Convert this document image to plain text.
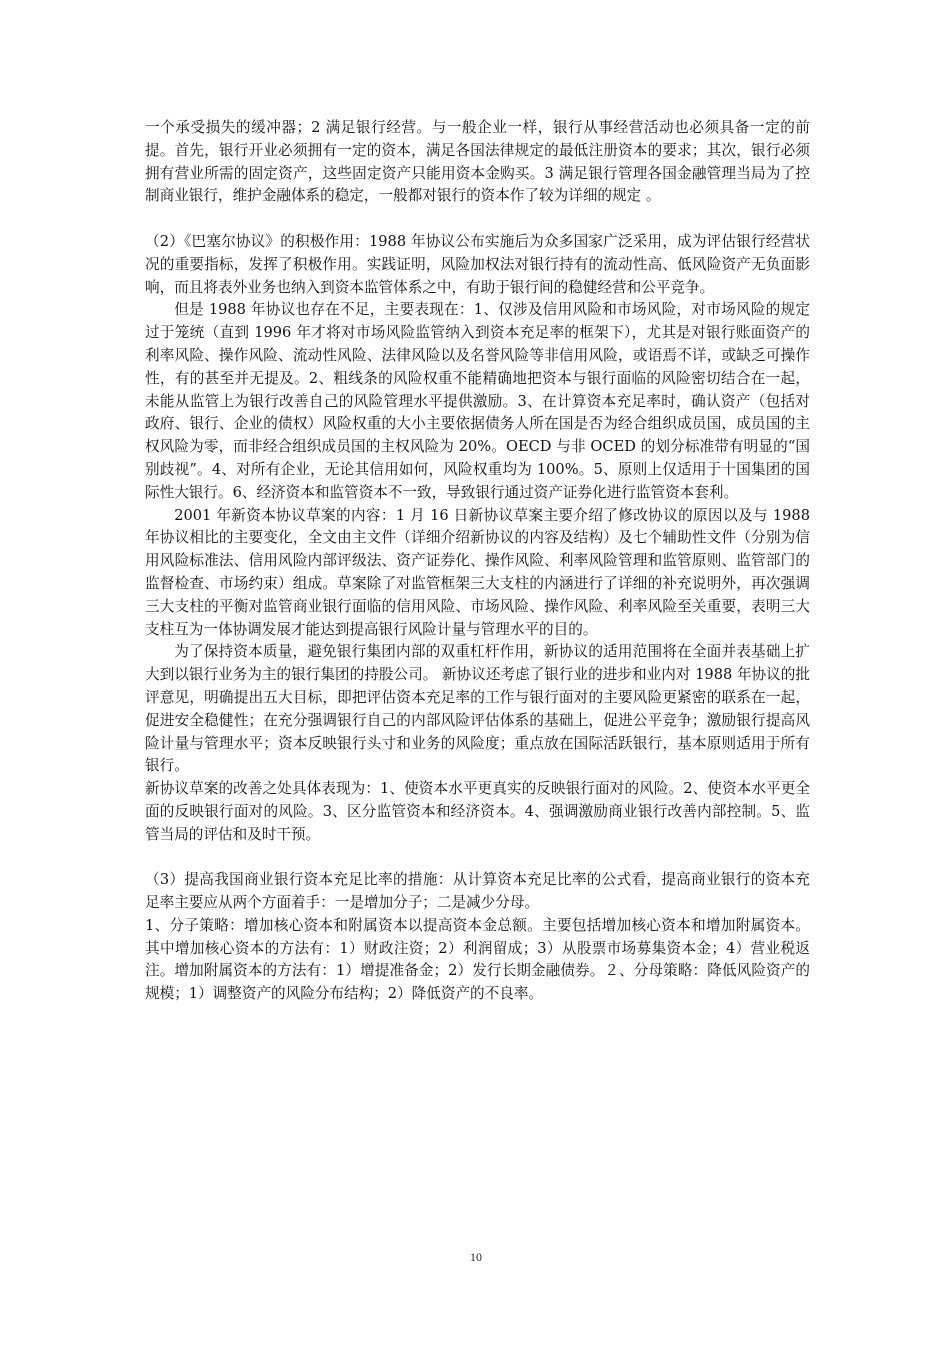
一个承受损失的缓冲器；2 满足银行经营。与一般企业一样，银行从事经营活动也必须具备一定的前提。首先，银行开业必须拥有一定的资本，满足各国法律规定的最低注册资本的要求；其次，银行必须拥有营业所需的固定资产，这些固定资产只能用资本金购买。3 满足银行管理各国金融管理当局为了控制商业银行，维护金融体系的稳定，一般都对银行的资本作了较为详细的规定 。

（2）《巴塞尔协议》的积极作用：1988 年协议公布实施后为众多国家广泛采用，成为评估银行经营状况的重要指标，发挥了积极作用。实践证明，风险加权法对银行持有的流动性高、低风险资产无负面影响，而且将表外业务也纳入到资本监管体系之中，有助于银行间的稳健经营和公平竞争。

但是 1988 年协议也存在不足，主要表现在：1、仅涉及信用风险和市场风险，对市场风险的规定过于笼统（直到 1996 年才将对市场风险监管纳入到资本充足率的框架下），尤其是对银行账面资产的利率风险、操作风险、流动性风险、法律风险以及名誉风险等非信用风险，或语焉不详，或缺乏可操作性，有的甚至并无提及。2、粗线条的风险权重不能精确地把资本与银行面临的风险密切结合在一起，未能从监管上为银行改善自己的风险管理水平提供激励。3、在计算资本充足率时，确认资产（包括对政府、银行、企业的债权）风险权重的大小主要依据债务人所在国是否为经合组织成员国，成员国的主权风险为零，而非经合组织成员国的主权风险为 20%。OECD 与非 OCED 的划分标准带有明显的“国别歧视”。4、对所有企业，无论其信用如何，风险权重均为 100%。5、原则上仅适用于十国集团的国际性大银行。6、经济资本和监管资本不一致，导致银行通过资产证券化进行监管资本套利。

2001 年新资本协议草案的内容：1 月 16 日新协议草案主要介绍了修改协议的原因以及与 1988 年协议相比的主要变化，全文由主文件（详细介绍新协议的内容及结构）及七个辅助性文件（分别为信用风险标准法、信用风险内部评级法、资产证券化、操作风险、利率风险管理和监管原则、监管部门的监督检查、市场约束）组成。草案除了对监管框架三大支柱的内涵进行了详细的补充说明外，再次强调三大支柱的平衡对监管商业银行面临的信用风险、市场风险、操作风险、利率风险至关重要，表明三大支柱互为一体协调发展才能达到提高银行风险计量与管理水平的目的。

为了保持资本质量，避免银行集团内部的双重杠杆作用，新协议的适用范围将在全面并表基础上扩大到以银行业务为主的银行集团的持股公司。 新协议还考虑了银行业的进步和业内对 1988 年协议的批评意见，明确提出五大目标，即把评估资本充足率的工作与银行面对的主要风险更紧密的联系在一起，促进安全稳健性；在充分强调银行自己的内部风险评估体系的基础上，促进公平竞争；激励银行提高风险计量与管理水平；资本反映银行头寸和业务的风险度；重点放在国际活跃银行，基本原则适用于所有银行。

新协议草案的改善之处具体表现为：1、使资本水平更真实的反映银行面对的风险。2、使资本水平更全面的反映银行面对的风险。3、区分监管资本和经济资本。4、强调激励商业银行改善内部控制。5、监管当局的评估和及时干预。

（3）提高我国商业银行资本充足比率的措施：从计算资本充足比率的公式看，提高商业银行的资本充足率主要应从两个方面着手：一是增加分子；二是减少分母。

1、分子策略：增加核心资本和附属资本以提高资本金总额。主要包括增加核心资本和增加附属资本。其中增加核心资本的方法有：1）财政注资；2）利润留成；3）从股票市场募集资本金；4）营业税返注。增加附属资本的方法有：1）增提准备金；2）发行长期金融债券。２、分母策略：降低风险资产的规模；1）调整资产的风险分布结构；2）降低资产的不良率。

10
